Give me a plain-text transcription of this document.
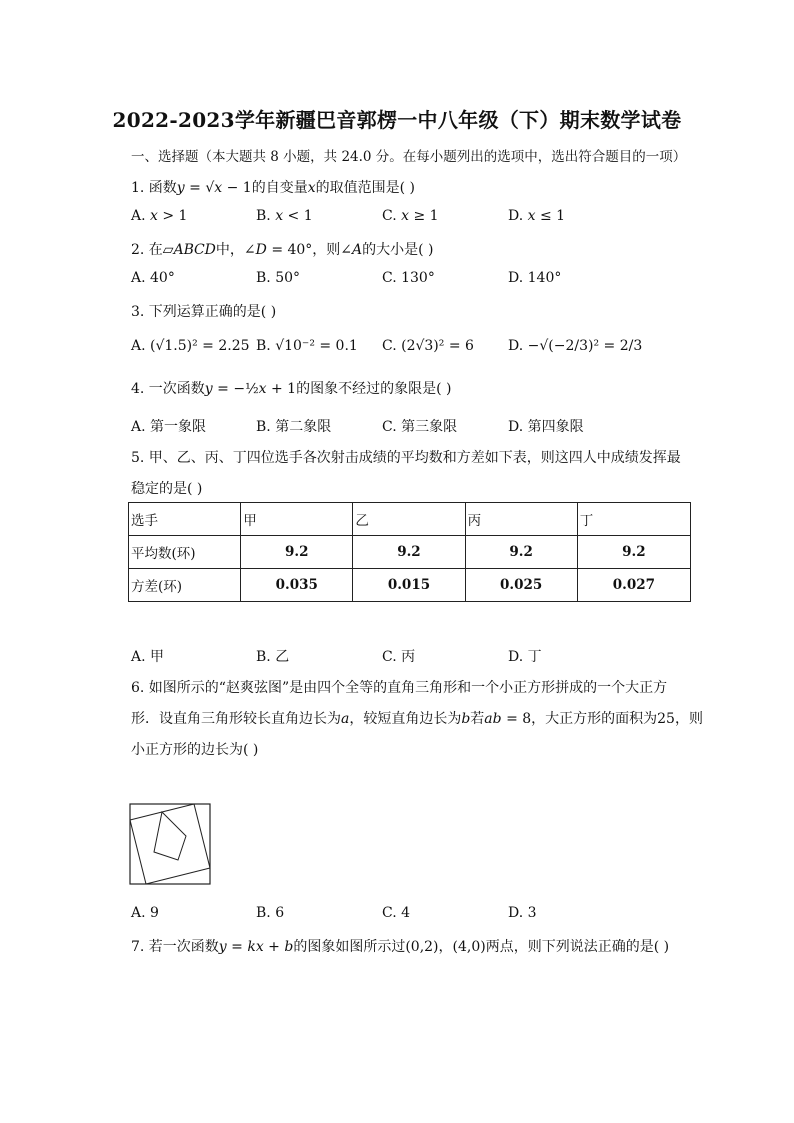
2022-2023学年新疆巴音郭楞一中八年级（下）期末数学试卷
一、选择题（本大题共 8 小题，共 24.0 分。在每小题列出的选项中，选出符合题目的一项）
1. 函数𝑦 = √𝑥 − 1的自变量𝑥的取值范围是( )
A. 𝑥 > 1	B. 𝑥 < 1	C. 𝑥 ≥ 1	D. 𝑥 ≤ 1
2. 在▱𝐴𝐵𝐶𝐷中，∠𝐷 = 40°，则∠𝐴的大小是( )
A. 40°	B. 50°	C. 130°	D. 140°
3. 下列运算正确的是( )
A. (√1.5)² = 2.25 B. √10⁻² = 0.1 C. (2√3)² = 6 D. −√(−2/3)² = 2/3
4. 一次函数𝑦 = −½𝑥 + 1的图象不经过的象限是( )
A. 第一象限	B. 第二象限	C. 第三象限	D. 第四象限
5. 甲、乙、丙、丁四位选手各次射击成绩的平均数和方差如下表，则这四人中成绩发挥最
稳定的是( )
选手	甲	乙	丙	丁
平均数(环)	9.2	9.2	9.2	9.2
方差(环)	0.035	0.015	0.025	0.027
A. 甲	B. 乙	C. 丙	D. 丁
6. 如图所示的“赵爽弦图”是由四个全等的直角三角形和一个小正方形拼成的一个大正方
形．设直角三角形较长直角边长为𝑎，较短直角边长为𝑏若𝑎𝑏 = 8，大正方形的面积为25，则
小正方形的边长为( )
A. 9	B. 6	C. 4	D. 3
7. 若一次函数𝑦 = 𝑘𝑥 + 𝑏的图象如图所示过(0,2)，(4,0)两点，则下列说法正确的是( )
